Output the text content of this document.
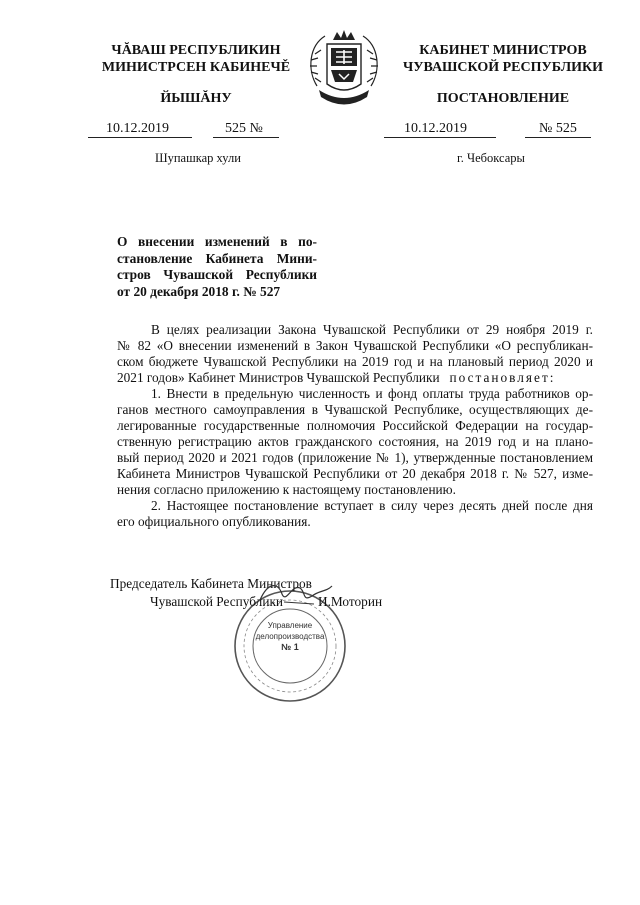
ЧĂВАШ РЕСПУБЛИКИН
МИНИСТРСЕН КАБИНЕЧĚ
ЙЫШĂНУ
КАБИНЕТ МИНИСТРОВ
ЧУВАШСКОЙ РЕСПУБЛИКИ
ПОСТАНОВЛЕНИЕ
10.12.2019	525 №	10.12.2019	№ 525
Шупашкар хули	г. Чебоксары
О внесении изменений в по-
становление Кабинета Мини-
стров Чувашской Республики
от 20 декабря 2018 г. № 527
В целях реализации Закона Чувашской Республики от 29 ноября 2019 г.
№ 82 «О внесении изменений в Закон Чувашской Республики «О республикан-
ском бюджете Чувашской Республики на 2019 год и на плановый период 2020 и
2021 годов» Кабинет Министров Чувашской Республики постановляет:
1. Внести в предельную численность и фонд оплаты труда работников ор-
ганов местного самоуправления в Чувашской Республике, осуществляющих де-
легированные государственные полномочия Российской Федерации на государ-
ственную регистрацию актов гражданского состояния, на 2019 год и на планo-
вый период 2020 и 2021 годов (приложение № 1), утвержденные постановлением
Кабинета Министров Чувашской Республики от 20 декабря 2018 г. № 527, изме-
нения согласно приложению к настоящему постановлению.
2. Настоящее постановление вступает в силу через десять дней после дня
его официального опубликования.
Управление
делопроизводства
№ 1
Председатель Кабинета Министров
Чувашской Республики	И.Моторин
